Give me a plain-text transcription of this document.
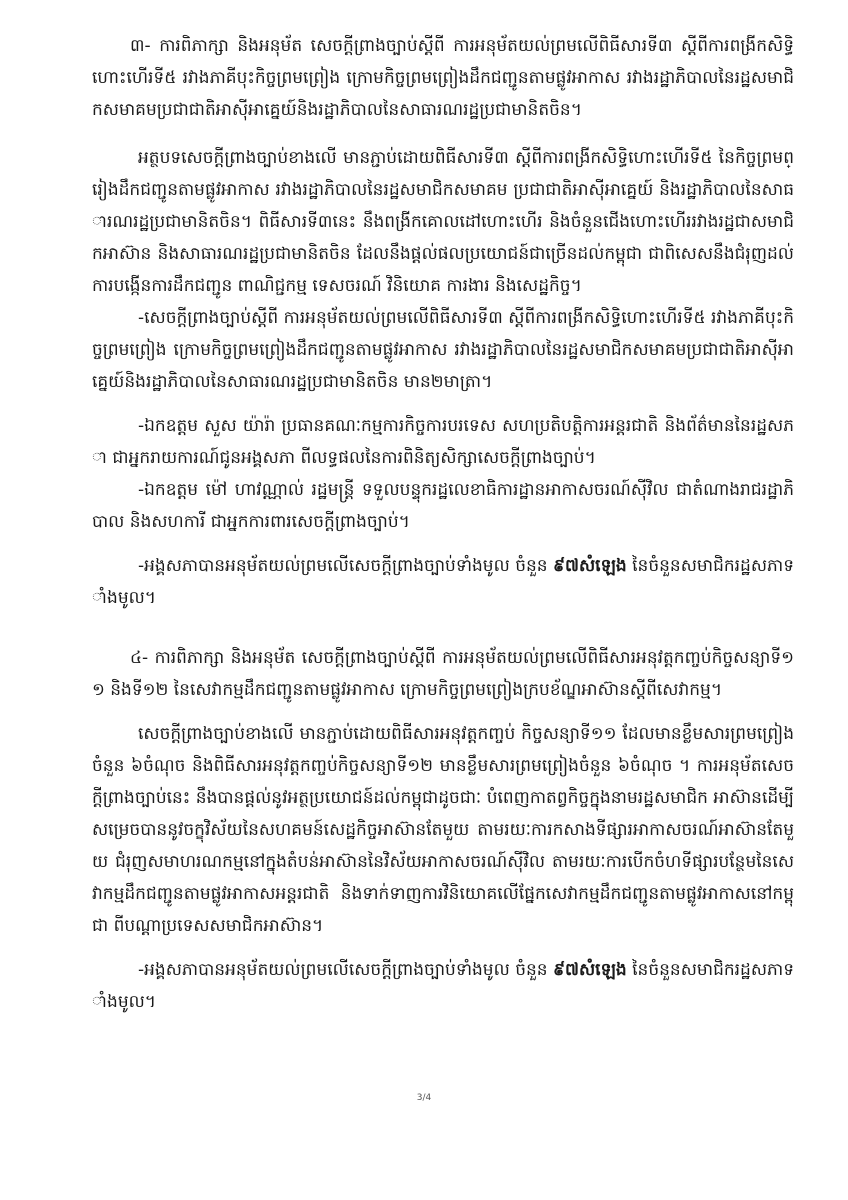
៣- ការពិភាក្សា និងអនុម័ត សេចក្តីព្រាងច្បាប់ស្តីពី ការអនុម័តយល់ព្រមលើពិធីសារទី៣ ស្តីពីការពង្រីកសិទ្ធិហោះហើរទី៥ រវាងភាគីបុះកិច្ចព្រមព្រៀង ក្រោមកិច្ចព្រមព្រៀងដឹកជញ្ជូនតាមផ្លូវអាកាស រវាងរដ្ឋាភិបាលនៃរដ្ឋសមាជិកសមាគមប្រជាជាតិអាស៊ីអាគ្នេយ៍និងរដ្ឋាភិបាលនៃសាធារណរដ្ឋប្រជាមានិតចិន។

អត្ថបទសេចក្តីព្រាងច្បាប់ខាងលើ មានភ្ជាប់ដោយពិធីសារទី៣ ស្តីពីការពង្រីកសិទ្ធិហោះហើរទី៥ នៃកិច្ចព្រមព្រៀងដឹកជញ្ជូនតាមផ្លូវអាកាស រវាងរដ្ឋាភិបាលនៃរដ្ឋសមាជិកសមាគម ប្រជាជាតិអាស៊ីអាគ្នេយ៍ និងរដ្ឋាភិបាលនៃសាធារណរដ្ឋប្រជាមានិតចិន។ ពិធីសារទី៣នេះ នឹងពង្រីកគោលដៅហោះហើរ និងចំនួនជើងហោះហើររវាងរដ្ឋជាសមាជិកអាស៊ាន និងសាធារណរដ្ឋប្រជាមានិតចិន ដែលនឹងផ្តល់ផលប្រយោជន៍ជាច្រើនដល់កម្ពុជា ជាពិសេសនឹងជំរុញដល់ការបង្កើនការដឹកជញ្ជូន ពាណិជ្ជកម្ម ទេសចរណ៍ វិនិយោគ ការងារ និងសេដ្ឋកិច្ច។

-សេចក្តីព្រាងច្បាប់ស្តីពី ការអនុម័តយល់ព្រមលើពិធីសារទី៣ ស្តីពីការពង្រីកសិទ្ធិហោះហើរទី៥ រវាងភាគីបុះកិច្ចព្រមព្រៀង ក្រោមកិច្ចព្រមព្រៀងដឹកជញ្ជូនតាមផ្លូវអាកាស រវាងរដ្ឋាភិបាលនៃរដ្ឋសមាជិកសមាគមប្រជាជាតិអាស៊ីអាគ្នេយ៍និងរដ្ឋាភិបាលនៃសាធារណរដ្ឋប្រជាមានិតចិន មាន២មាត្រា។

-ឯកឧត្តម សួស យ៉ារ៉ា ប្រធានគណៈកម្មការកិច្ចការបរទេស សហប្រតិបត្តិការអន្តរជាតិ និងព័ត៌មាននៃរដ្ឋសភា ជាអ្នករាយការណ៍ជូនអង្គសភា ពីលទ្ធផលនៃការពិនិត្យសិក្សាសេចក្តីព្រាងច្បាប់។

-ឯកឧត្តម ម៉ៅ ហាវណ្ណាល់ រដ្ឋមន្ត្រី ទទួលបន្ទុករដ្ឋលេខាធិការដ្ឋានអាកាសចរណ៍ស៊ីវិល ជាតំណាងរាជរដ្ឋាភិបាល និងសហការី ជាអ្នកការពារសេចក្តីព្រាងច្បាប់។

-អង្គសភាបានអនុម័តយល់ព្រមលើសេចក្តីព្រាងច្បាប់ទាំងមូល ចំនួន ៩៧សំឡេង នៃចំនួនសមាជិករដ្ឋសភាទាំងមូល។

៤- ការពិភាក្សា និងអនុម័ត សេចក្តីព្រាងច្បាប់ស្តីពី ការអនុម័តយល់ព្រមលើពិធីសារអនុវត្តកញ្ចប់កិច្ចសន្យាទី១១ និងទី១២ នៃសេវាកម្មដឹកជញ្ជូនតាមផ្លូវអាកាស ក្រោមកិច្ចព្រមព្រៀងក្របខ័ណ្ឌអាស៊ានស្តីពីសេវាកម្ម។

សេចក្តីព្រាងច្បាប់ខាងលើ មានភ្ជាប់ដោយពិធីសារអនុវត្តកញ្ចប់ កិច្ចសន្យាទី១១ ដែលមានខ្លឹមសារព្រមព្រៀងចំនួន ៦ចំណុច និងពិធីសារអនុវត្តកញ្ចប់កិច្ចសន្យាទី១២ មានខ្លឹមសារព្រមព្រៀងចំនួន ៦ចំណុច ។ ការអនុម័តសេចក្តីព្រាងច្បាប់នេះ នឹងបានផ្តល់នូវអត្ថប្រយោជន៍ដល់កម្ពុជាដូចជាៈ បំពេញកាតព្វកិច្ចក្នុងនាមរដ្ឋសមាជិក អាស៊ានដើម្បីសម្រេចបាននូវចក្ខុវិស័យនៃសហគមន៍សេដ្ឋកិច្ចអាស៊ានតែមួយ តាមរយៈការកសាងទីផ្សារអាកាសចរណ៍អាស៊ានតែមួយ ជំរុញសមាហរណកម្មនៅក្នុងតំបន់អាស៊ាននៃវិស័យអាកាសចរណ៍ស៊ីវិល តាមរយៈការបើកចំហទីផ្សារបន្ថែមនៃសេវាកម្មដឹកជញ្ជូនតាមផ្លូវអាកាសអន្តរជាតិ និងទាក់ទាញការវិនិយោគលើផ្នែកសេវាកម្មដឹកជញ្ជូនតាមផ្លូវអាកាសនៅកម្ពុជា ពីបណ្តាប្រទេសសមាជិកអាស៊ាន។

-អង្គសភាបានអនុម័តយល់ព្រមលើសេចក្តីព្រាងច្បាប់ទាំងមូល ចំនួន ៩៧សំឡេង នៃចំនួនសមាជិករដ្ឋសភាទាំងមូល។

3/4
